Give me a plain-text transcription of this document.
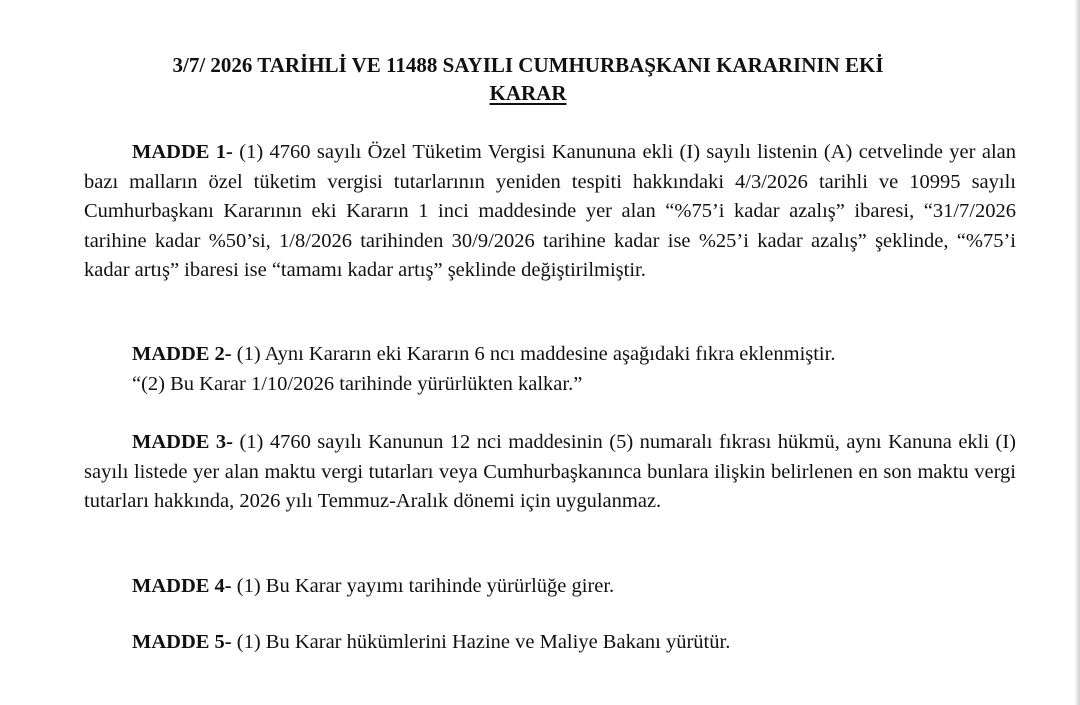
3/7/ 2026 TARİHLİ VE 11488 SAYILI CUMHURBAŞKANI KARARININ EKİ

KARAR

MADDE 1- (1) 4760 sayılı Özel Tüketim Vergisi Kanununa ekli (I) sayılı listenin (A) cetvelinde yer alan bazı malların özel tüketim vergisi tutarlarının yeniden tespiti hakkındaki 4/3/2026 tarihli ve 10995 sayılı Cumhurbaşkanı Kararının eki Kararın 1 inci maddesinde yer alan “%75’i kadar azalış” ibaresi, “31/7/2026 tarihine kadar %50’si, 1/8/2026 tarihinden 30/9/2026 tarihine kadar ise %25’i kadar azalış” şeklinde, “%75’i kadar artış” ibaresi ise “tamamı kadar artış” şeklinde değiştirilmiştir.

MADDE 2- (1) Aynı Kararın eki Kararın 6 ncı maddesine aşağıdaki fıkra eklenmiştir.

“(2) Bu Karar 1/10/2026 tarihinde yürürlükten kalkar.”

MADDE 3- (1) 4760 sayılı Kanunun 12 nci maddesinin (5) numaralı fıkrası hükmü, aynı Kanuna ekli (I) sayılı listede yer alan maktu vergi tutarları veya Cumhurbaşkanınca bunlara ilişkin belirlenen en son maktu vergi tutarları hakkında, 2026 yılı Temmuz-Aralık dönemi için uygulanmaz.

MADDE 4- (1) Bu Karar yayımı tarihinde yürürlüğe girer.

MADDE 5- (1) Bu Karar hükümlerini Hazine ve Maliye Bakanı yürütür.
